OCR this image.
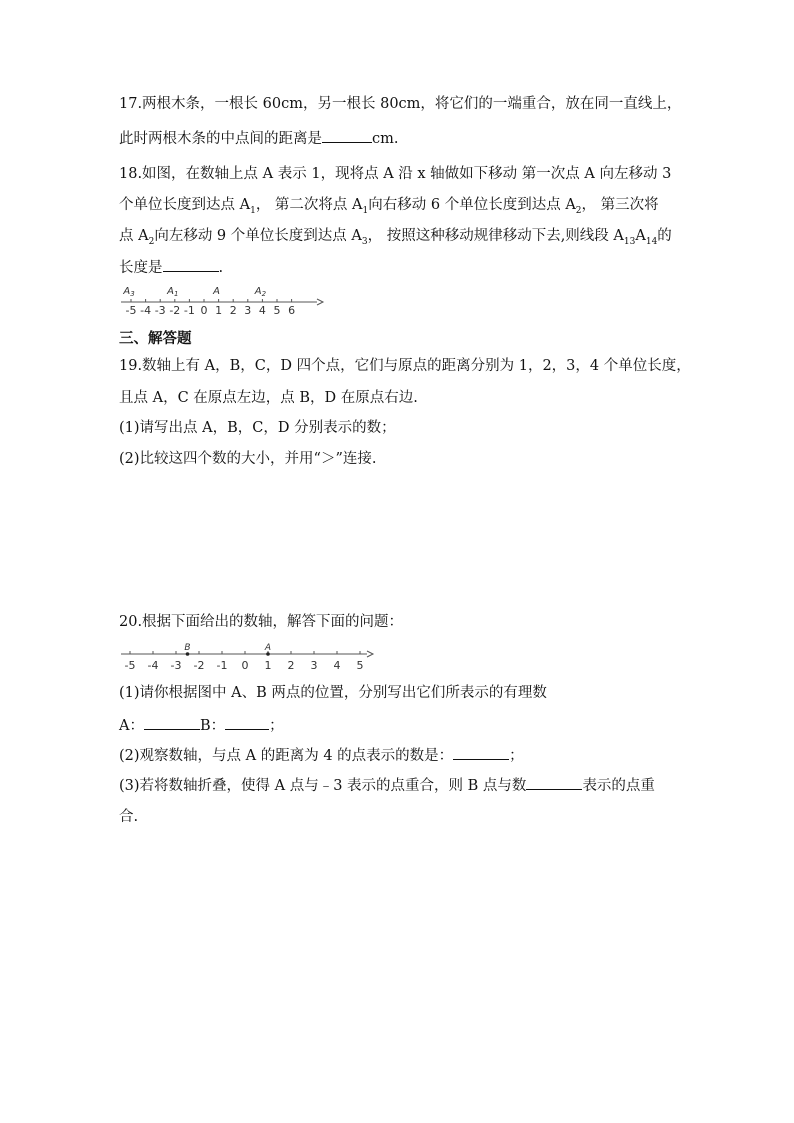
17.两根木条，一根长 60cm，另一根长 80cm，将它们的一端重合，放在同一直线上，
此时两根木条的中点间的距离是	cm.
18.如图，在数轴上点 A 表示 1，现将点 A 沿 x 轴做如下移动 第一次点 A 向左移动 3
个单位长度到达点 $A_1$， 第二次将点 $A_1$向右移动 6 个单位长度到达点 $A_2$， 第三次将
点 $A_2$向左移动 9 个单位长度到达点 $A_3$， 按照这种移动规律移动下去,则线段 $A_{13}A_{14}$的
长度是	.
-5 -4 -3 -2 -1 0 1 2 3 4 5 6
$A_3$	$A_1$	A	$A_2$
三、解答题
19.数轴上有 A，B，C，D 四个点，它们与原点的距离分别为 1，2，3，4 个单位长度，
且点 A，C 在原点左边，点 B，D 在原点右边.
(1)请写出点 A，B，C，D 分别表示的数；
(2)比较这四个数的大小，并用“＞”连接.
20.根据下面给出的数轴，解答下面的问题：
-5 -4 -3 -2 -1 0 1 2 3 4 5
B	A
(1)请你根据图中 A、B 两点的位置，分别写出它们所表示的有理数
A：	B：	；
(2)观察数轴，与点 A 的距离为 4 的点表示的数是：	；
(3)若将数轴折叠，使得 A 点与﹣3 表示的点重合，则 B 点与数	表示的点重
合.
